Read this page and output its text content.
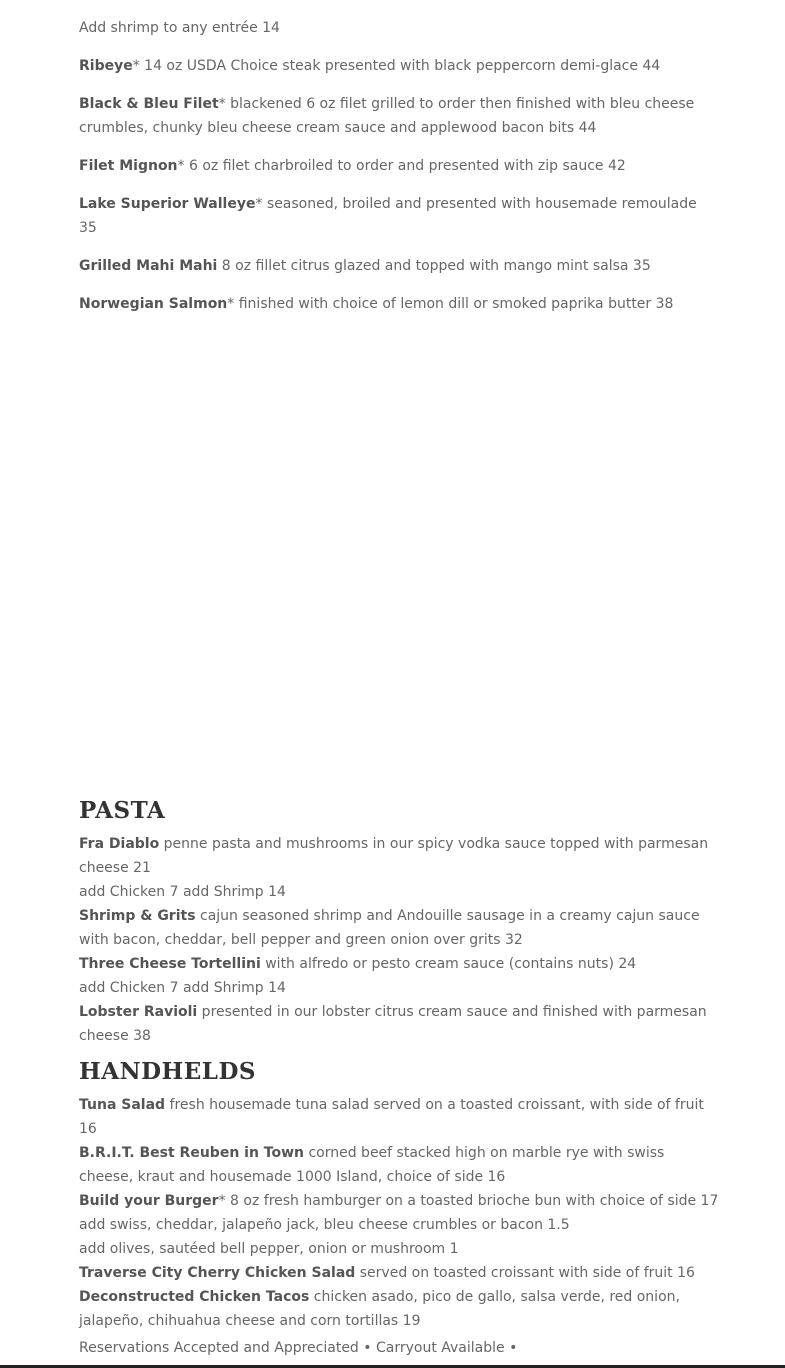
Add shrimp to any entrée 14

Ribeye* 14 oz USDA Choice steak presented with black peppercorn demi-glace 44

Black & Bleu Filet* blackened 6 oz filet grilled to order then finished with bleu cheese crumbles, chunky bleu cheese cream sauce and applewood bacon bits 44

Filet Mignon* 6 oz filet charbroiled to order and presented with zip sauce 42

Lake Superior Walleye* seasoned, broiled and presented with housemade remoulade 35

Grilled Mahi Mahi 8 oz fillet citrus glazed and topped with mango mint salsa 35

Norwegian Salmon* finished with choice of lemon dill or smoked paprika butter 38

PASTA

Fra Diablo penne pasta and mushrooms in our spicy vodka sauce topped with parmesan cheese 21

add Chicken 7 add Shrimp 14

Shrimp & Grits cajun seasoned shrimp and Andouille sausage in a creamy cajun sauce with bacon, cheddar, bell pepper and green onion over grits 32

Three Cheese Tortellini with alfredo or pesto cream sauce (contains nuts) 24

add Chicken 7 add Shrimp 14

Lobster Ravioli presented in our lobster citrus cream sauce and finished with parmesan cheese 38

HANDHELDS

Tuna Salad fresh housemade tuna salad served on a toasted croissant, with side of fruit 16

B.R.I.T. Best Reuben in Town corned beef stacked high on marble rye with swiss cheese, kraut and housemade 1000 Island, choice of side 16

Build your Burger* 8 oz fresh hamburger on a toasted brioche bun with choice of side 17

add swiss, cheddar, jalapeño jack, bleu cheese crumbles or bacon 1.5

add olives, sautéed bell pepper, onion or mushroom 1

Traverse City Cherry Chicken Salad served on toasted croissant with side of fruit 16

Deconstructed Chicken Tacos chicken asado, pico de gallo, salsa verde, red onion, jalapeño, chihuahua cheese and corn tortillas 19

Reservations Accepted and Appreciated • Carryout Available •
